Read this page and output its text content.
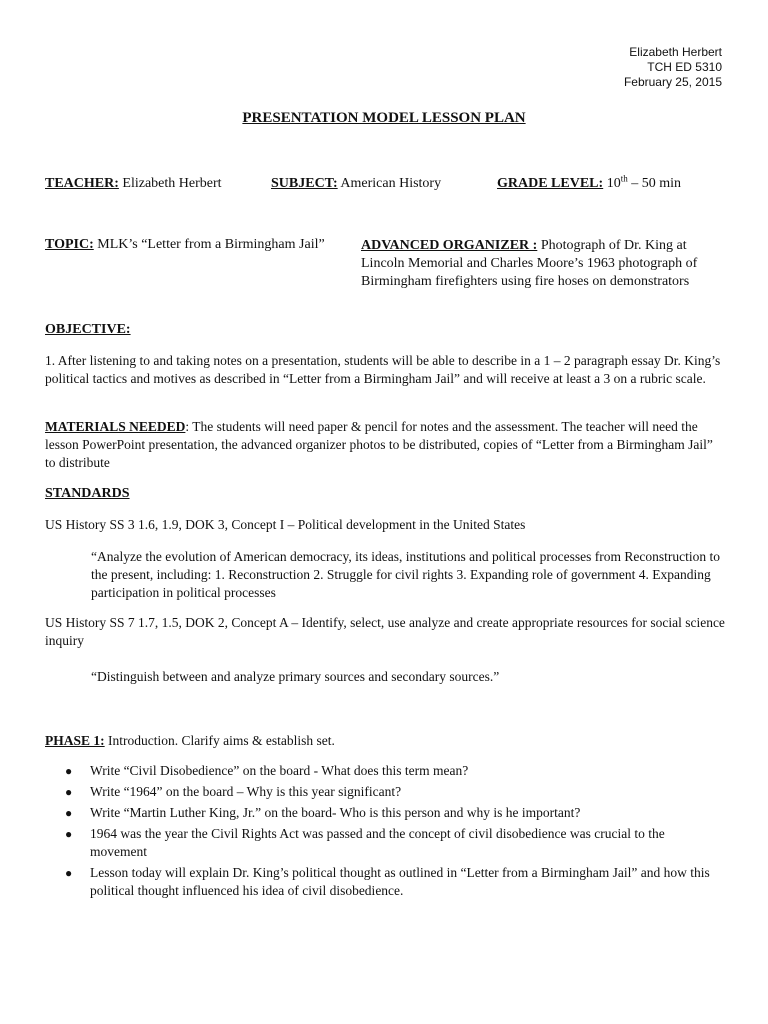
Elizabeth Herbert
TCH ED 5310
February 25, 2015
PRESENTATION MODEL LESSON PLAN
TEACHER: Elizabeth Herbert	SUBJECT: American History	GRADE LEVEL: 10th – 50 min
TOPIC: MLK’s “Letter from a Birmingham Jail”	ADVANCED ORGANIZER : Photograph of Dr. King at Lincoln Memorial and Charles Moore’s 1963 photograph of Birmingham firefighters using fire hoses on demonstrators
OBJECTIVE:
1. After listening to and taking notes on a presentation, students will be able to describe in a 1 – 2 paragraph essay Dr. King’s political tactics and motives as described in “Letter from a Birmingham Jail” and will receive at least a 3 on a rubric scale.
MATERIALS NEEDED: The students will need paper & pencil for notes and the assessment. The teacher will need the lesson PowerPoint presentation, the advanced organizer photos to be distributed, copies of “Letter from a Birmingham Jail” to distribute
STANDARDS
US History SS 3 1.6, 1.9, DOK 3, Concept I – Political development in the United States
“Analyze the evolution of American democracy, its ideas, institutions and political processes from Reconstruction to the present, including: 1. Reconstruction 2. Struggle for civil rights 3. Expanding role of government 4. Expanding participation in political processes
US History SS 7 1.7, 1.5, DOK 2, Concept A – Identify, select, use analyze and create appropriate resources for social science inquiry
“Distinguish between and analyze primary sources and secondary sources.”
PHASE 1: Introduction. Clarify aims & establish set.
● Write “Civil Disobedience” on the board - What does this term mean?
● Write “1964” on the board – Why is this year significant?
● Write “Martin Luther King, Jr.” on the board- Who is this person and why is he important?
● 1964 was the year the Civil Rights Act was passed and the concept of civil disobedience was crucial to the movement
● Lesson today will explain Dr. King’s political thought as outlined in “Letter from a Birmingham Jail” and how this political thought influenced his idea of civil disobedience.
